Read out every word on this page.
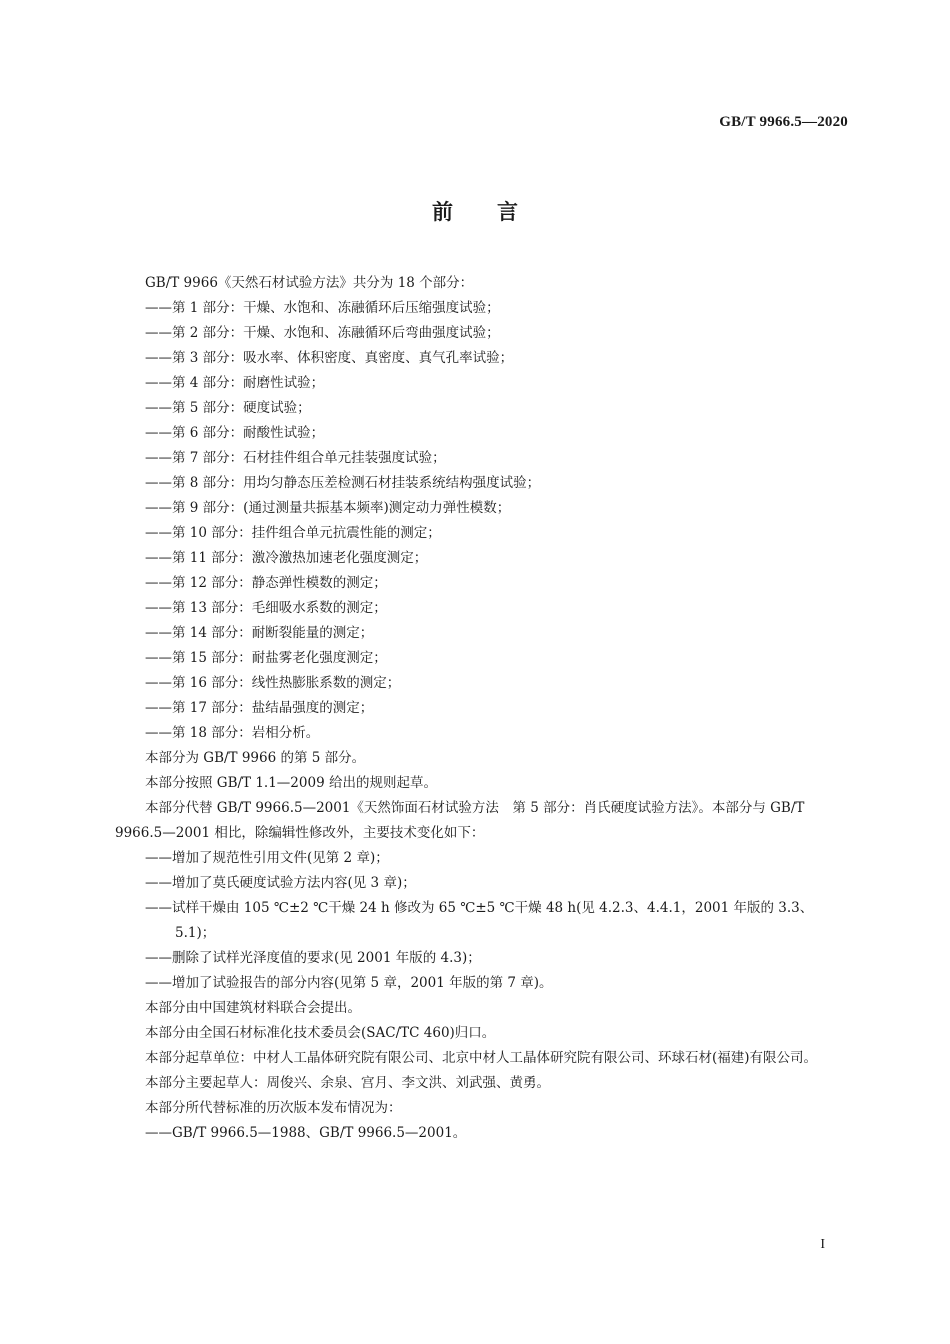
GB/T 9966.5—2020
前言

GB/T 9966《天然石材试验方法》共分为 18 个部分：

——第 1 部分：干燥、水饱和、冻融循环后压缩强度试验；

——第 2 部分：干燥、水饱和、冻融循环后弯曲强度试验；

——第 3 部分：吸水率、体积密度、真密度、真气孔率试验；

——第 4 部分：耐磨性试验；

——第 5 部分：硬度试验；

——第 6 部分：耐酸性试验；

——第 7 部分：石材挂件组合单元挂装强度试验；

——第 8 部分：用均匀静态压差检测石材挂装系统结构强度试验；

——第 9 部分：(通过测量共振基本频率)测定动力弹性模数；

——第 10 部分：挂件组合单元抗震性能的测定；

——第 11 部分：激冷激热加速老化强度测定；

——第 12 部分：静态弹性模数的测定；

——第 13 部分：毛细吸水系数的测定；

——第 14 部分：耐断裂能量的测定；

——第 15 部分：耐盐雾老化强度测定；

——第 16 部分：线性热膨胀系数的测定；

——第 17 部分：盐结晶强度的测定；

——第 18 部分：岩相分析。

本部分为 GB/T 9966 的第 5 部分。

本部分按照 GB/T 1.1—2009 给出的规则起草。

本部分代替 GB/T 9966.5—2001《天然饰面石材试验方法　第 5 部分：肖氏硬度试验方法》。本部分与 GB/T 9966.5—2001 相比，除编辑性修改外，主要技术变化如下：

——增加了规范性引用文件(见第 2 章)；

——增加了莫氏硬度试验方法内容(见 3 章)；

——试样干燥由 105 ℃±2 ℃干燥 24 h 修改为 65 ℃±5 ℃干燥 48 h(见 4.2.3、4.4.1，2001 年版的 3.3、5.1)；

——删除了试样光泽度值的要求(见 2001 年版的 4.3)；

——增加了试验报告的部分内容(见第 5 章，2001 年版的第 7 章)。

本部分由中国建筑材料联合会提出。

本部分由全国石材标准化技术委员会(SAC/TC 460)归口。

本部分起草单位：中材人工晶体研究院有限公司、北京中材人工晶体研究院有限公司、环球石材(福建)有限公司。

本部分主要起草人：周俊兴、余泉、宫月、李文洪、刘武强、黄勇。

本部分所代替标准的历次版本发布情况为：

——GB/T 9966.5—1988、GB/T 9966.5—2001。

I
